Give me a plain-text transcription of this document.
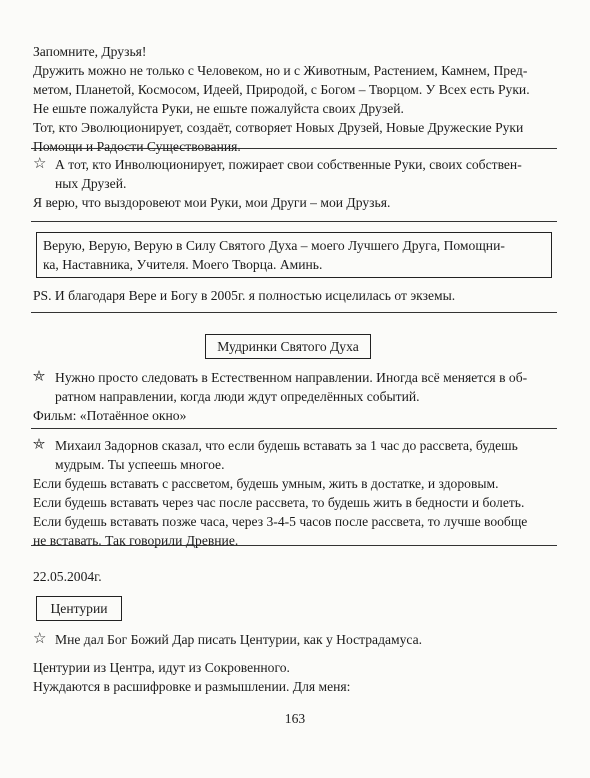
Запомните, Друзья!
Дружить можно не только с Человеком, но и с Животным, Растением, Камнем, Пред-
метом, Планетой, Космосом, Идеей, Природой, с Богом – Творцом. У Всех есть Руки.
Не ешьте пожалуйста Руки, не ешьте пожалуйста своих Друзей.
Тот, кто Эволюционирует, создаёт, сотворяет Новых Друзей, Новые Дружеские Руки
Помощи и Радости Существования.

☆ А тот, кто Инволюционирует, пожирает свои собственные Руки, своих собствен-
ных Друзей.
Я верю, что выздоровеют мои Руки, мои Други – мои Друзья.
Верую, Верую, Верую в Силу Святого Духа – моего Лучшего Друга, Помощни-
ка, Наставника, Учителя. Моего Творца. Аминь.
PS. И благодаря Вере и Богу в 2005г. я полностью исцелилась от экземы.
Мудринки Святого Духа
⛤ Нужно просто следовать в Естественном направлении. Иногда всё меняется в об-
ратном направлении, когда люди ждут определённых событий.
Фильм: «Потаённое окно»
⛤ Михаил Задорнов сказал, что если будешь вставать за 1 час до рассвета, будешь
мудрым. Ты успеешь многое.
Если будешь вставать с рассветом, будешь умным, жить в достатке, и здоровым.
Если будешь вставать через час после рассвета, то будешь жить в бедности и болеть.
Если будешь вставать позже часа, через 3-4-5 часов после рассвета, то лучше вообще
не вставать. Так говорили Древние.
22.05.2004г.
Центурии
☆ Мне дал Бог Божий Дар писать Центурии, как у Нострадамуса.
Центурии из Центра, идут из Сокровенного.
Нуждаются в расшифровке и размышлении. Для меня:
163
